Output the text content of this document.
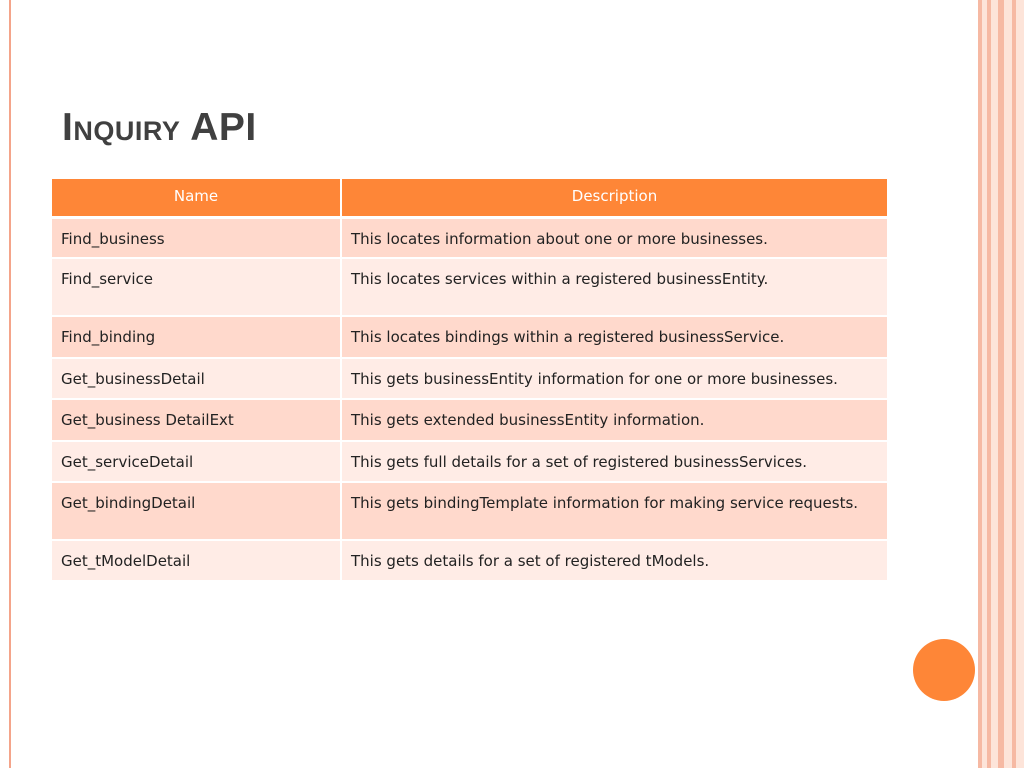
Inquiry API
Name	Description
Find_business	This locates information about one or more businesses.
Find_service	This locates services within a registered businessEntity.
Find_binding	This locates bindings within a registered businessService.
Get_businessDetail	This gets businessEntity information for one or more businesses.
Get_business DetailExt	This gets extended businessEntity information.
Get_serviceDetail	This gets full details for a set of registered businessServices.
Get_bindingDetail	This gets bindingTemplate information for making service requests.
Get_tModelDetail	This gets details for a set of registered tModels.
